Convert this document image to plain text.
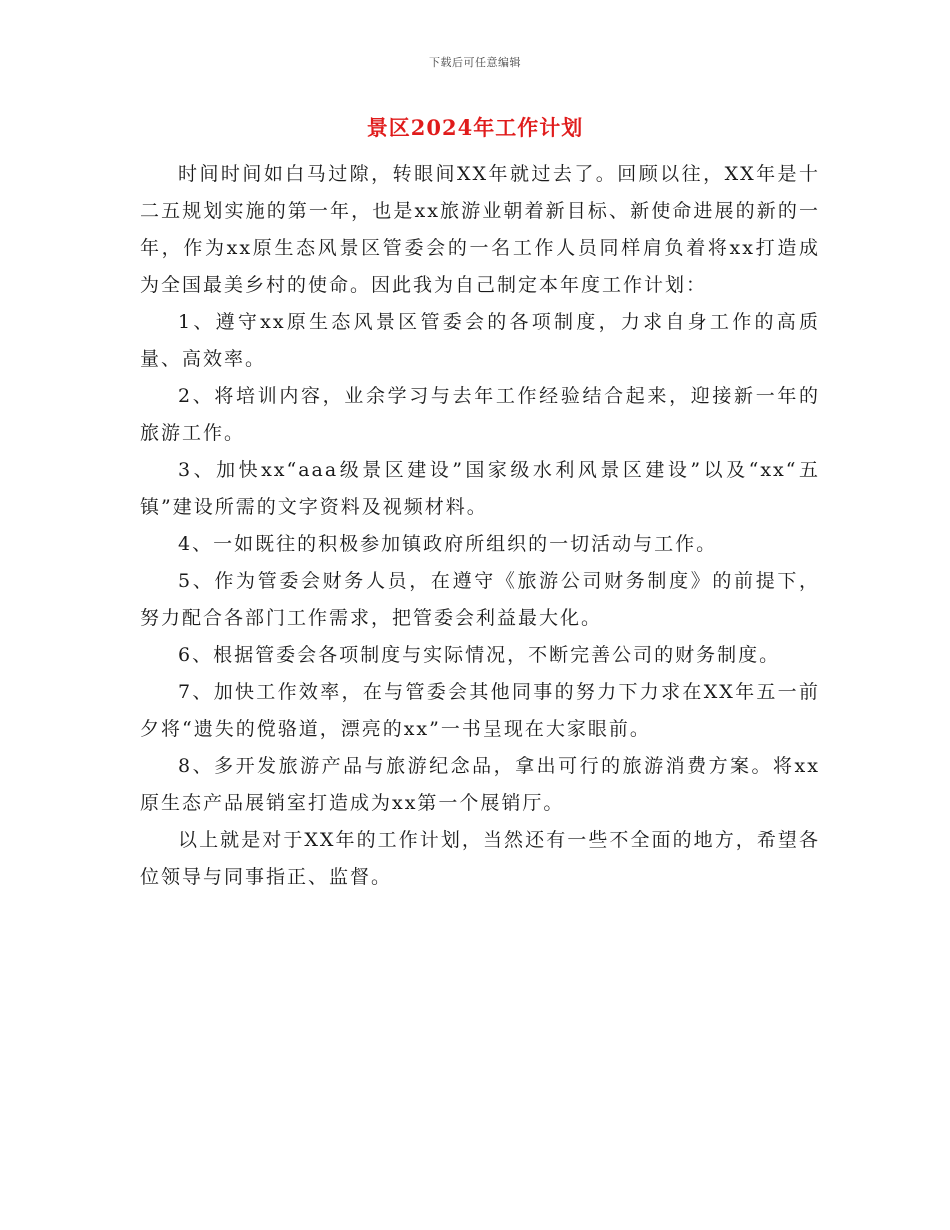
下载后可任意编辑
景区2024年工作计划

时间时间如白马过隙，转眼间XX年就过去了。回顾以往，XX年是十二五规划实施的第一年，也是xx旅游业朝着新目标、新使命进展的新的一年，作为xx原生态风景区管委会的一名工作人员同样肩负着将xx打造成为全国最美乡村的使命。因此我为自己制定本年度工作计划：

1、遵守xx原生态风景区管委会的各项制度，力求自身工作的高质量、高效率。

2、将培训内容，业余学习与去年工作经验结合起来，迎接新一年的旅游工作。

3、加快xx“aaa级景区建设”国家级水利风景区建设”以及“xx“五镇”建设所需的文字资料及视频材料。

4、一如既往的积极参加镇政府所组织的一切活动与工作。

5、作为管委会财务人员，在遵守《旅游公司财务制度》的前提下，努力配合各部门工作需求，把管委会利益最大化。

6、根据管委会各项制度与实际情况，不断完善公司的财务制度。

7、加快工作效率，在与管委会其他同事的努力下力求在XX年五一前夕将“遗失的傥骆道，漂亮的xx”一书呈现在大家眼前。

8、多开发旅游产品与旅游纪念品，拿出可行的旅游消费方案。将xx原生态产品展销室打造成为xx第一个展销厅。

以上就是对于XX年的工作计划，当然还有一些不全面的地方，希望各位领导与同事指正、监督。
